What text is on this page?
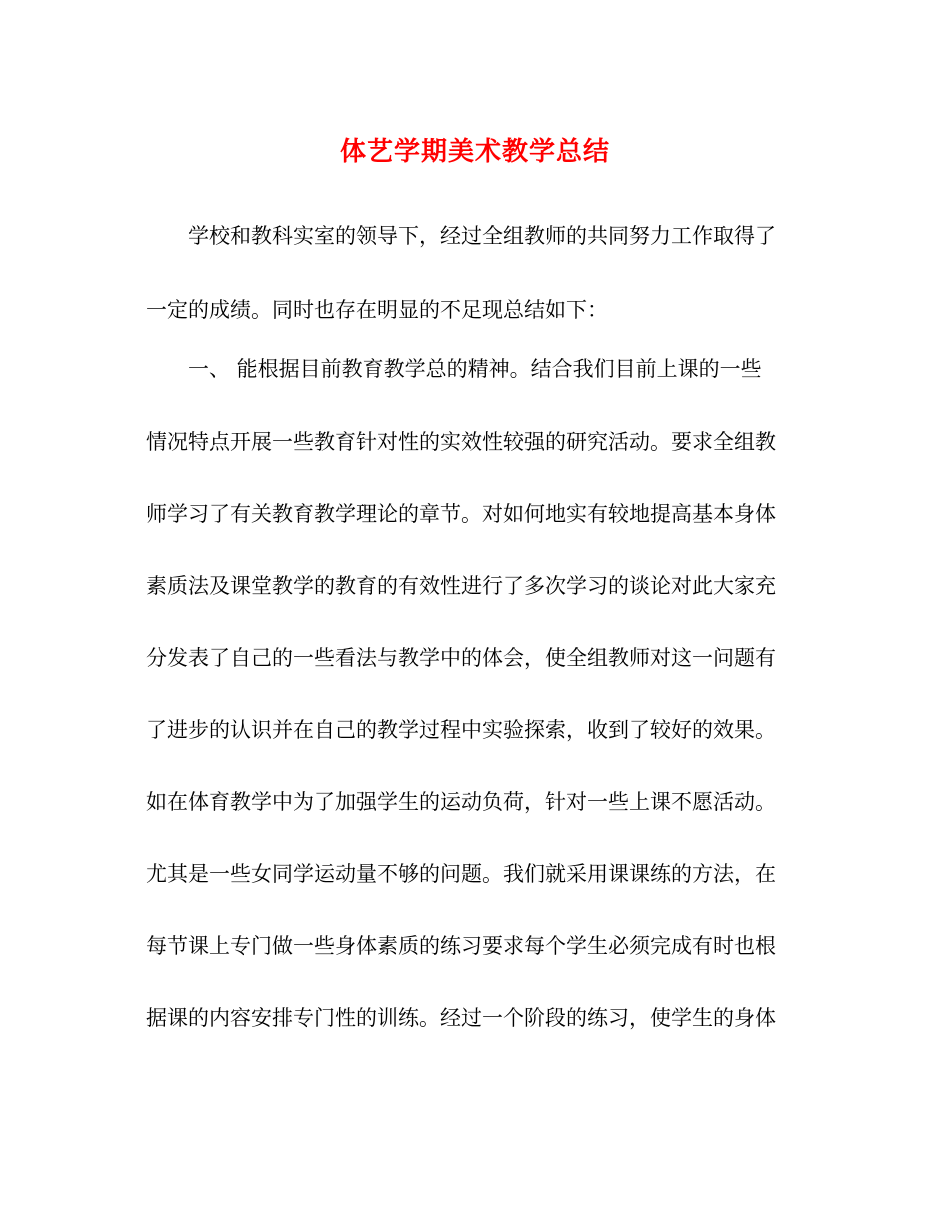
体艺学期美术教学总结

学校和教科实室的领导下，经过全组教师的共同努力工作取得了

一定的成绩。同时也存在明显的不足现总结如下：

一、 能根据目前教育教学总的精神。结合我们目前上课的一些

情况特点开展一些教育针对性的实效性较强的研究活动。要求全组教

师学习了有关教育教学理论的章节。对如何地实有较地提高基本身体

素质法及课堂教学的教育的有效性进行了多次学习的谈论对此大家充

分发表了自己的一些看法与教学中的体会，使全组教师对这一问题有

了进步的认识并在自己的教学过程中实验探索，收到了较好的效果。

如在体育教学中为了加强学生的运动负荷，针对一些上课不愿活动。

尤其是一些女同学运动量不够的问题。我们就采用课课练的方法，在

每节课上专门做一些身体素质的练习要求每个学生必须完成有时也根

据课的内容安排专门性的训练。经过一个阶段的练习，使学生的身体
